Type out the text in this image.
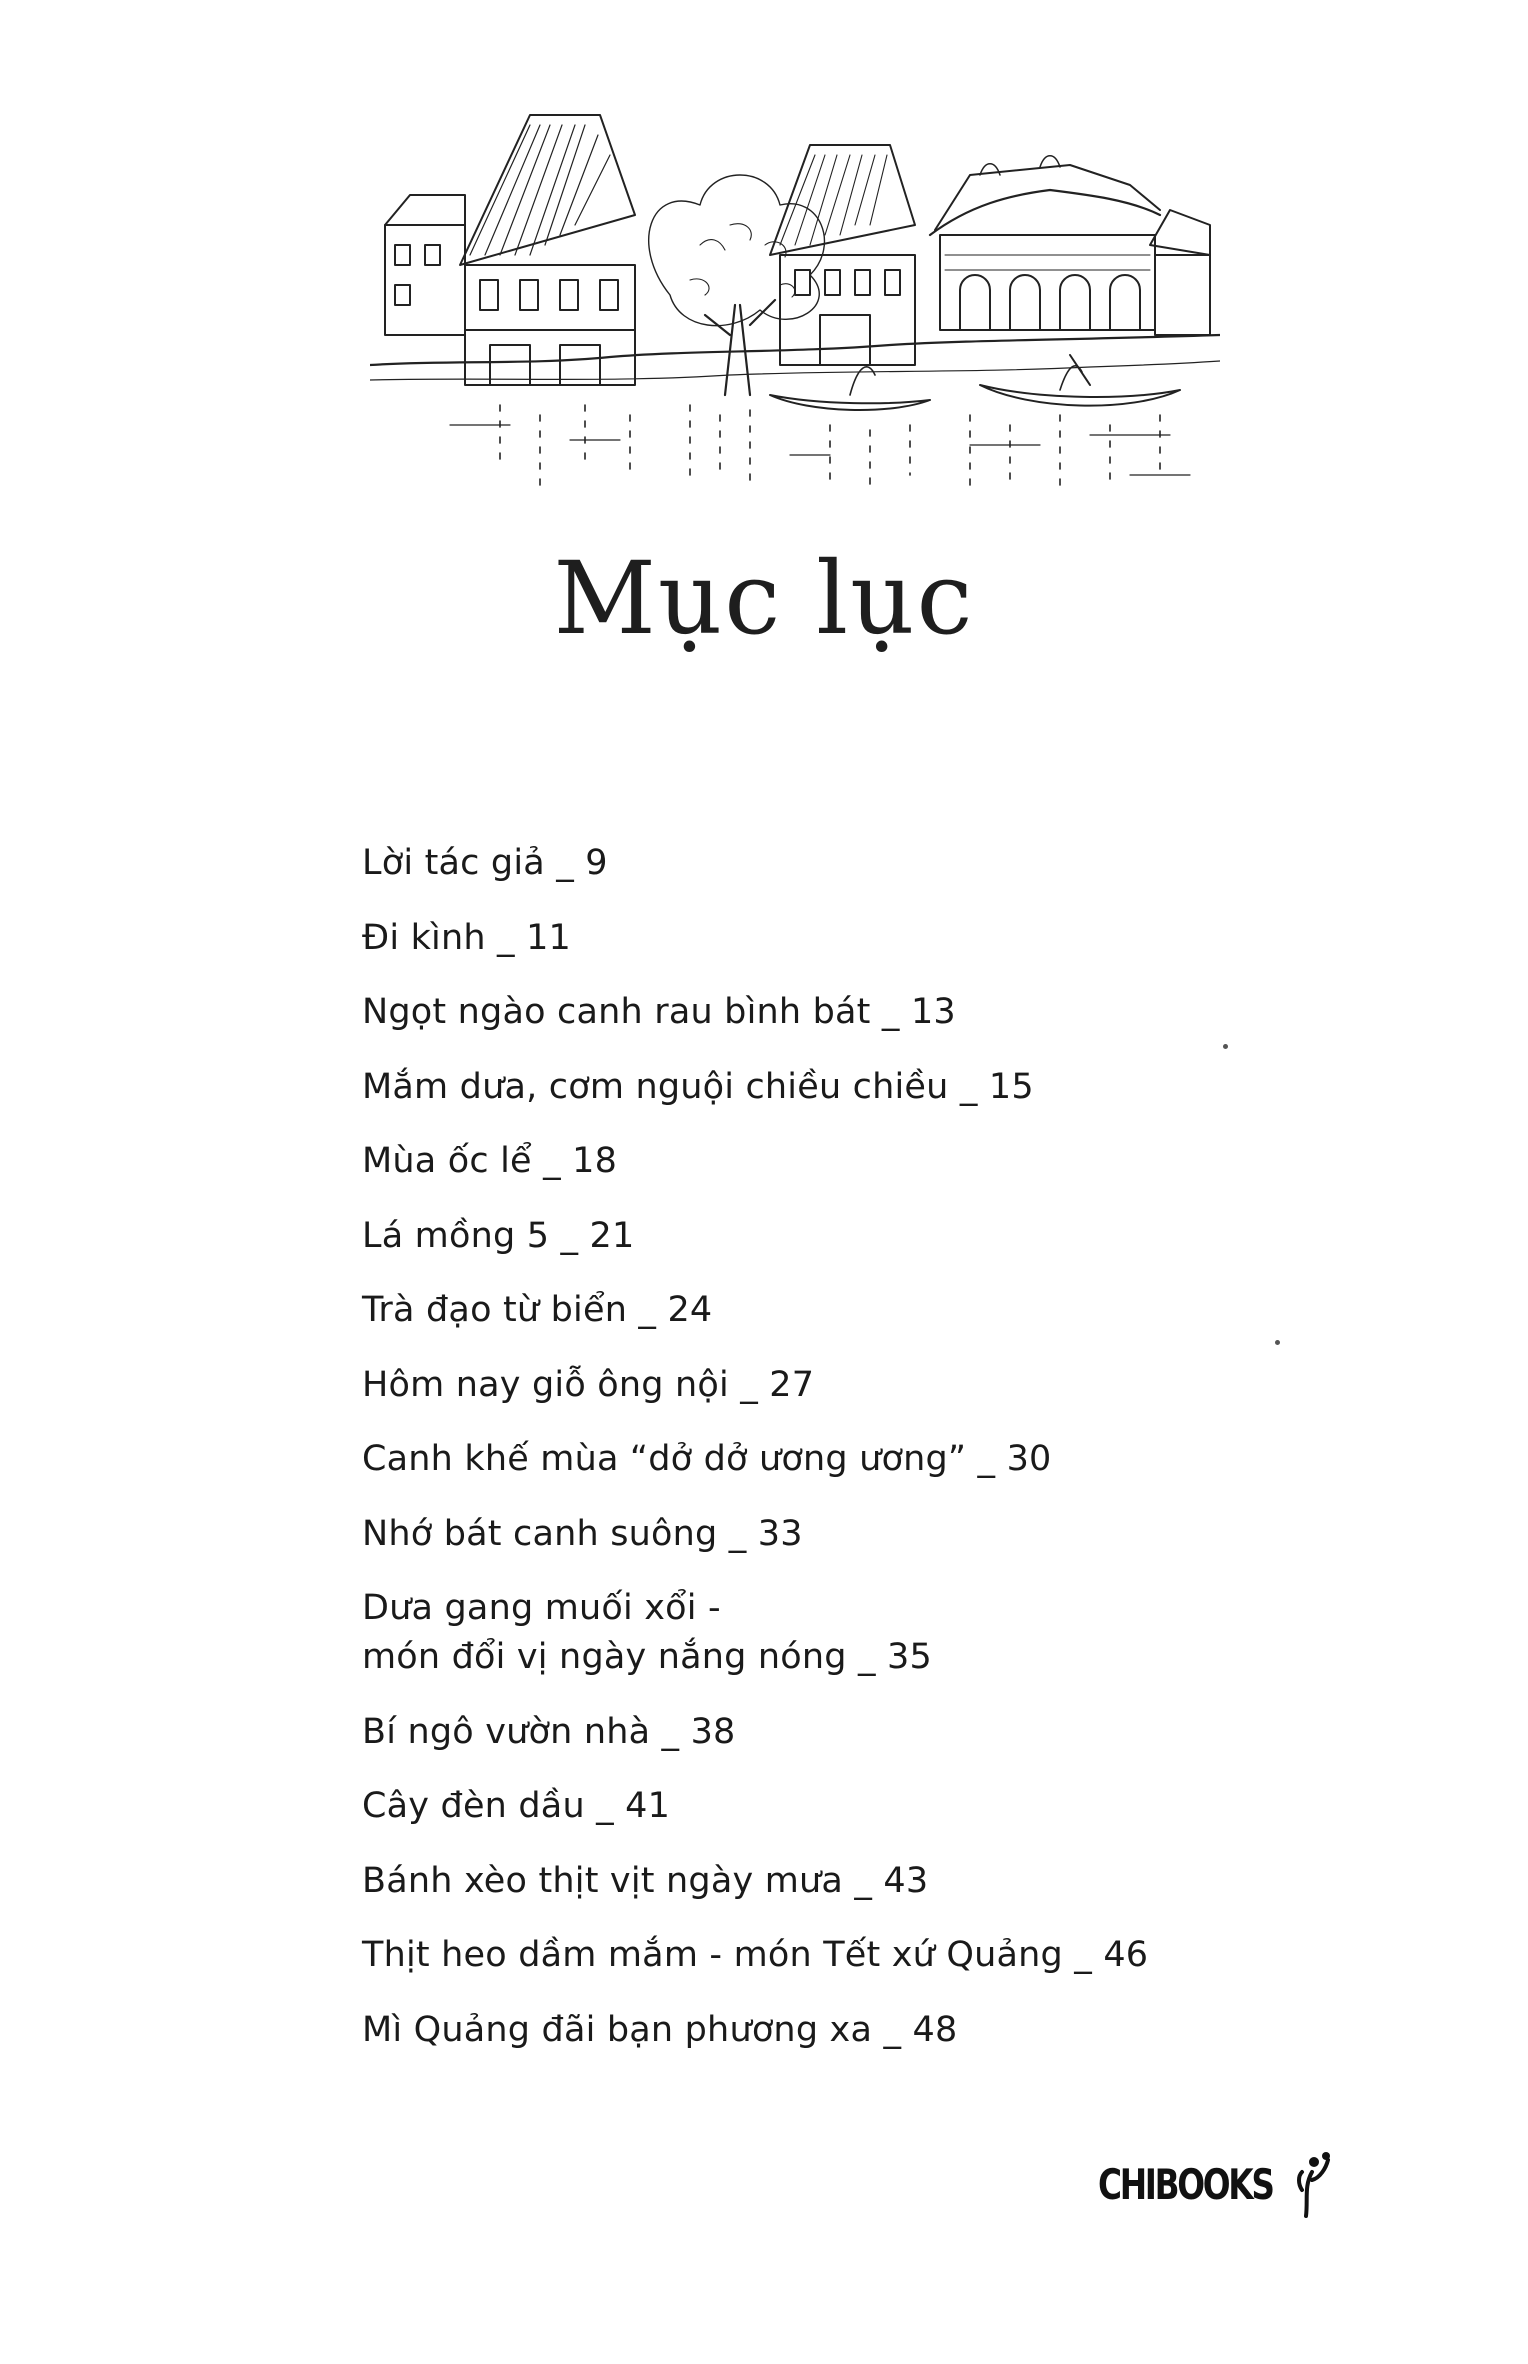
Mục lục
Lời tác giả _ 9
Đi kình _ 11
Ngọt ngào canh rau bình bát _ 13
Mắm dưa, cơm nguội chiều chiều _ 15
Mùa ốc lể _ 18
Lá mồng 5 _ 21
Trà đạo từ biển _ 24
Hôm nay giỗ ông nội _ 27
Canh khế mùa “dở dở ương ương” _ 30
Nhớ bát canh suông _ 33
Dưa gang muối xổi -
món đổi vị ngày nắng nóng _ 35
Bí ngô vườn nhà _ 38
Cây đèn dầu _ 41
Bánh xèo thịt vịt ngày mưa _ 43
Thịt heo dầm mắm - món Tết xứ Quảng _ 46
Mì Quảng đãi bạn phương xa _ 48
CHIBOOKS
